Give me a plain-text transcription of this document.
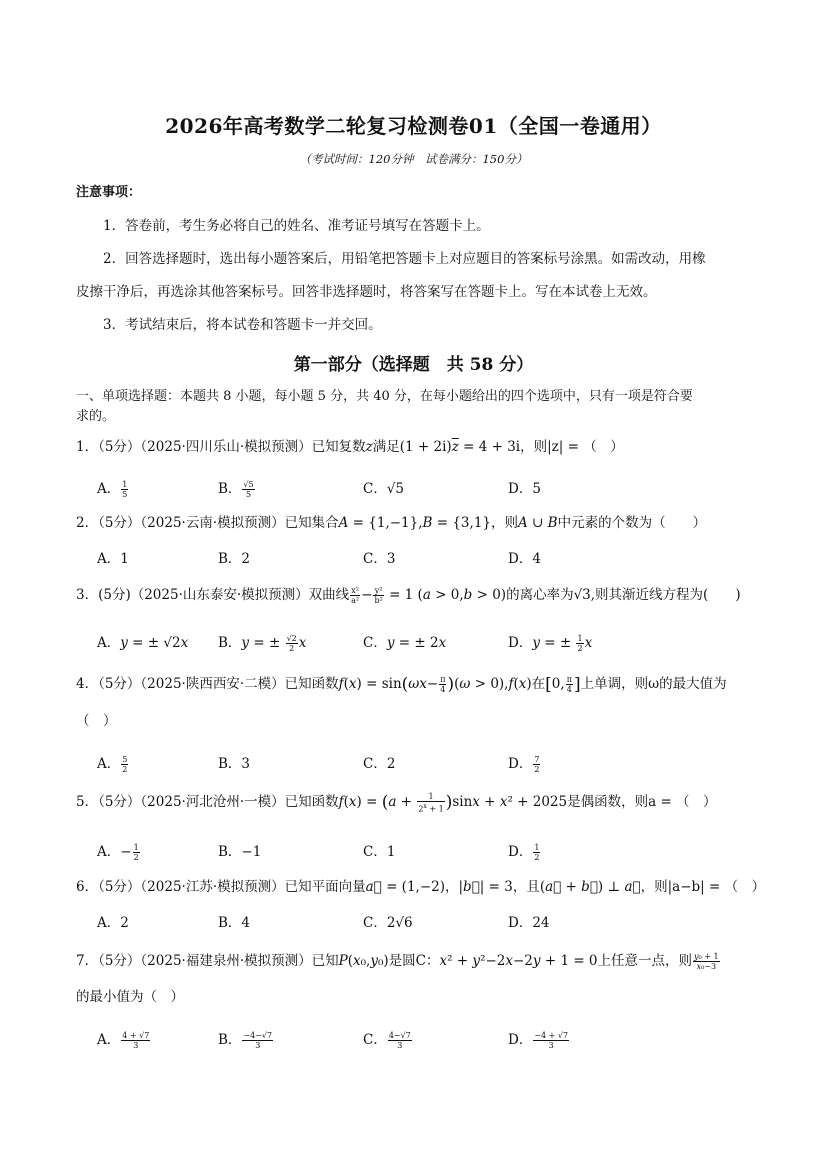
2026年高考数学二轮复习检测卷01（全国一卷通用）
（考试时间：120分钟　试卷满分：150分）
注意事项：
1．答卷前，考生务必将自己的姓名、准考证号填写在答题卡上。
2．回答选择题时，选出每小题答案后，用铅笔把答题卡上对应题目的答案标号涂黑。如需改动，用橡
皮擦干净后，再选涂其他答案标号。回答非选择题时，将答案写在答题卡上。写在本试卷上无效。
3．考试结束后，将本试卷和答题卡一并交回。
第一部分（选择题　共 58 分）
一、单项选择题：本题共 8 小题，每小题 5 分，共 40 分，在每小题给出的四个选项中，只有一项是符合要
求的。
1．（5分）（2025·四川乐山·模拟预测）已知复数z满足$(1 + 2i)\overline{z} = 4 + 3i$，则|z| = （　）
A． $\frac{1}{5}$	B． $\frac{√5}{5}$	C．√5	D．5
2．（5分）（2025·云南·模拟预测）已知集合A = {1,−1},B = {3,1}，则A ∪ B中元素的个数为（　　）
A．1	B．2	C．3	D．4
3．(5分)（2025·山东泰安·模拟预测）双曲线 $\frac{\text{x²}}{\text{a²}} - \frac{\text{y²}}{\text{b²}} = 1$ (a > 0,b > 0)的离心率为√3,则其渐近线方程为(　　)
A．y = ± √2x B．y = ± $\frac{√2}{2}$ x	C．y = ± 2x	D．y = ± $\frac{1}{2}$ x
4．（5分）（2025·陕西西安·二模）已知函数$f(x) = \sin(\omega x- \frac{\pi}{4} )(\omega > 0),f(x)$在[0, $\frac{\pi}{4}$ ]上单调，则ω的最大值为
（　）
A． $\frac{5}{2}$	B．3	C．2	D． $\frac{7}{2}$
5．（5分）（2025·河北沧州·一模）已知函数$f(x) = (a + \frac{1}{2^x + 1} )\sin x + x^2 + 2025$是偶函数，则a = （　）
A．− $\frac{1}{2}$	B．−1	C．1	D． $\frac{1}{2}$
6．（5分）（2025·江苏·模拟预测）已知平面向量a⃗ = (1,−2)，|b⃗| = 3，且(a⃗ + b⃗) ⊥ a⃗，则|a−b| = （　）
A．2	B．4	C．2√6	D．24
7．（5分）（2025·福建泉州·模拟预测）已知P(x₀,y₀)是圆C：x² + y²−2x−2y + 1 = 0上任意一点，则 $\frac{\text{y₀ + 1}}{\text{x₀−3}}$
的最小值为（　）
A． $\frac{4 + √7}{3}$	B． $\frac{-4-√7}{3}$	C． $\frac{4-√7}{3}$	D． $\frac{-4 + √7}{3}$
